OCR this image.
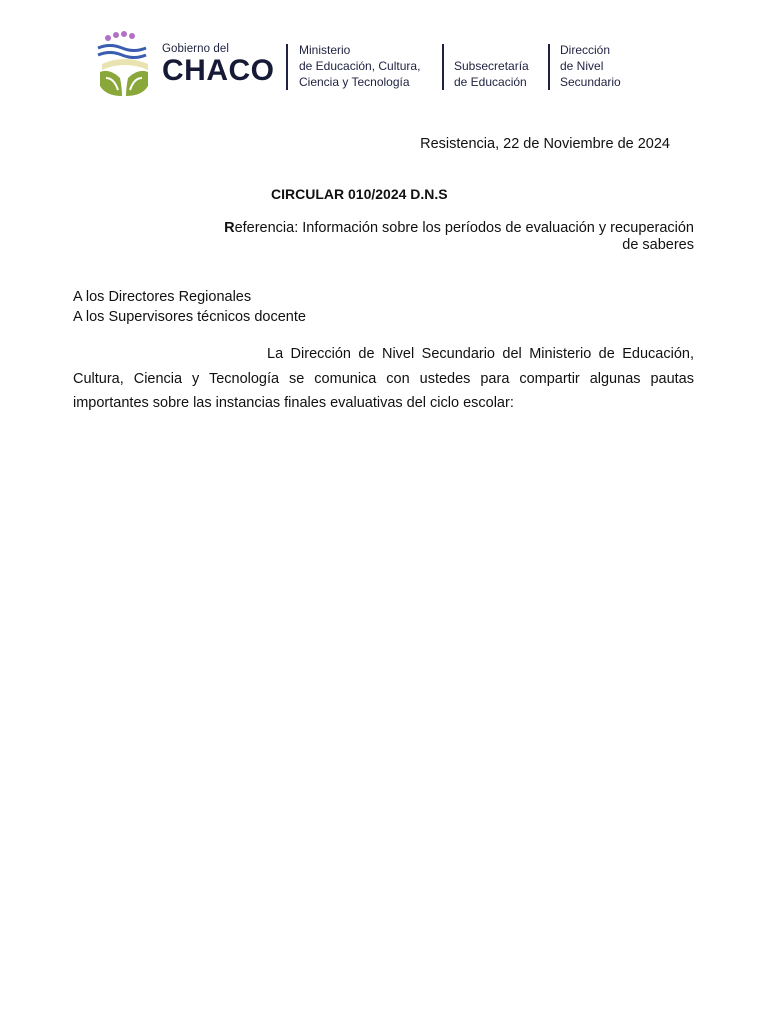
Gobierno del
CHACO
Ministerio
de Educación, Cultura,
Ciencia y Tecnología
Subsecretaría
de Educación
Dirección
de Nivel
Secundario
Resistencia, 22 de Noviembre de 2024
CIRCULAR 010/2024 D.N.S
Referencia: Información sobre los períodos de evaluación y recuperación de saberes
A los Directores Regionales
A los Supervisores técnicos docente
La Dirección de Nivel Secundario del Ministerio de Educación, Cultura, Ciencia y Tecnología se comunica con ustedes para compartir algunas pautas importantes sobre las instancias finales evaluativas del ciclo escolar:
